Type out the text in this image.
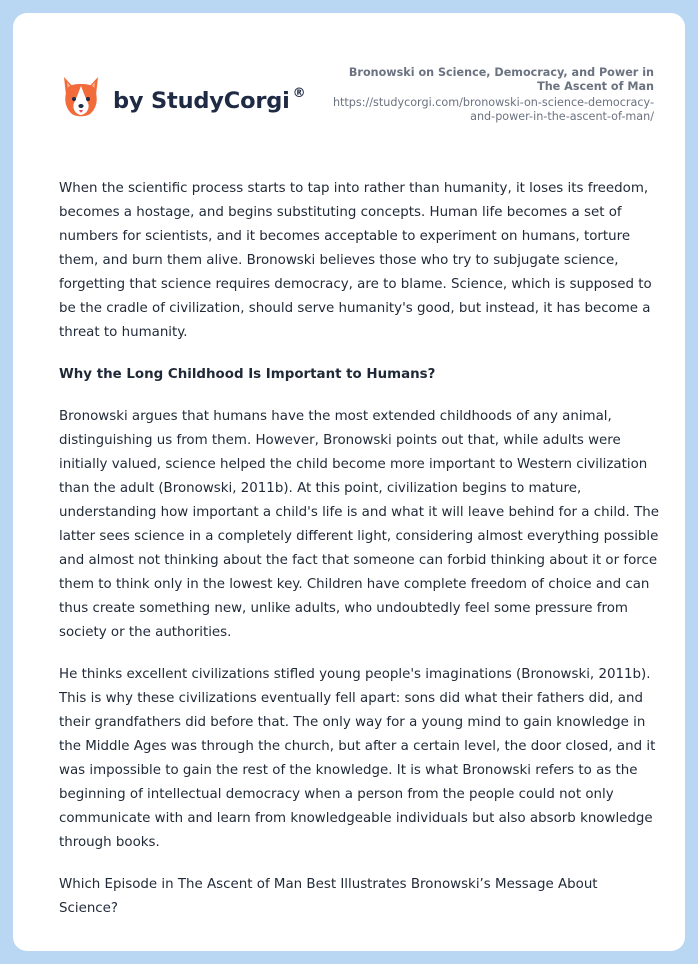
by StudyCorgi ®
Bronowski on Science, Democracy, and Power in The Ascent of Man
https://studycorgi.com/bronowski-on-science-democracy-and-power-in-the-ascent-of-man/

When the scientific process starts to tap into rather than humanity, it loses its freedom, becomes a hostage, and begins substituting concepts. Human life becomes a set of numbers for scientists, and it becomes acceptable to experiment on humans, torture them, and burn them alive. Bronowski believes those who try to subjugate science, forgetting that science requires democracy, are to blame. Science, which is supposed to be the cradle of civilization, should serve humanity's good, but instead, it has become a threat to humanity.

Why the Long Childhood Is Important to Humans?

Bronowski argues that humans have the most extended childhoods of any animal, distinguishing us from them. However, Bronowski points out that, while adults were initially valued, science helped the child become more important to Western civilization than the adult (Bronowski, 2011b). At this point, civilization begins to mature, understanding how important a child's life is and what it will leave behind for a child. The latter sees science in a completely different light, considering almost everything possible and almost not thinking about the fact that someone can forbid thinking about it or force them to think only in the lowest key. Children have complete freedom of choice and can thus create something new, unlike adults, who undoubtedly feel some pressure from society or the authorities.

He thinks excellent civilizations stifled young people's imaginations (Bronowski, 2011b). This is why these civilizations eventually fell apart: sons did what their fathers did, and their grandfathers did before that. The only way for a young mind to gain knowledge in the Middle Ages was through the church, but after a certain level, the door closed, and it was impossible to gain the rest of the knowledge. It is what Bronowski refers to as the beginning of intellectual democracy when a person from the people could not only communicate with and learn from knowledgeable individuals but also absorb knowledge through books.

Which Episode in The Ascent of Man Best Illustrates Bronowski’s Message About Science?
